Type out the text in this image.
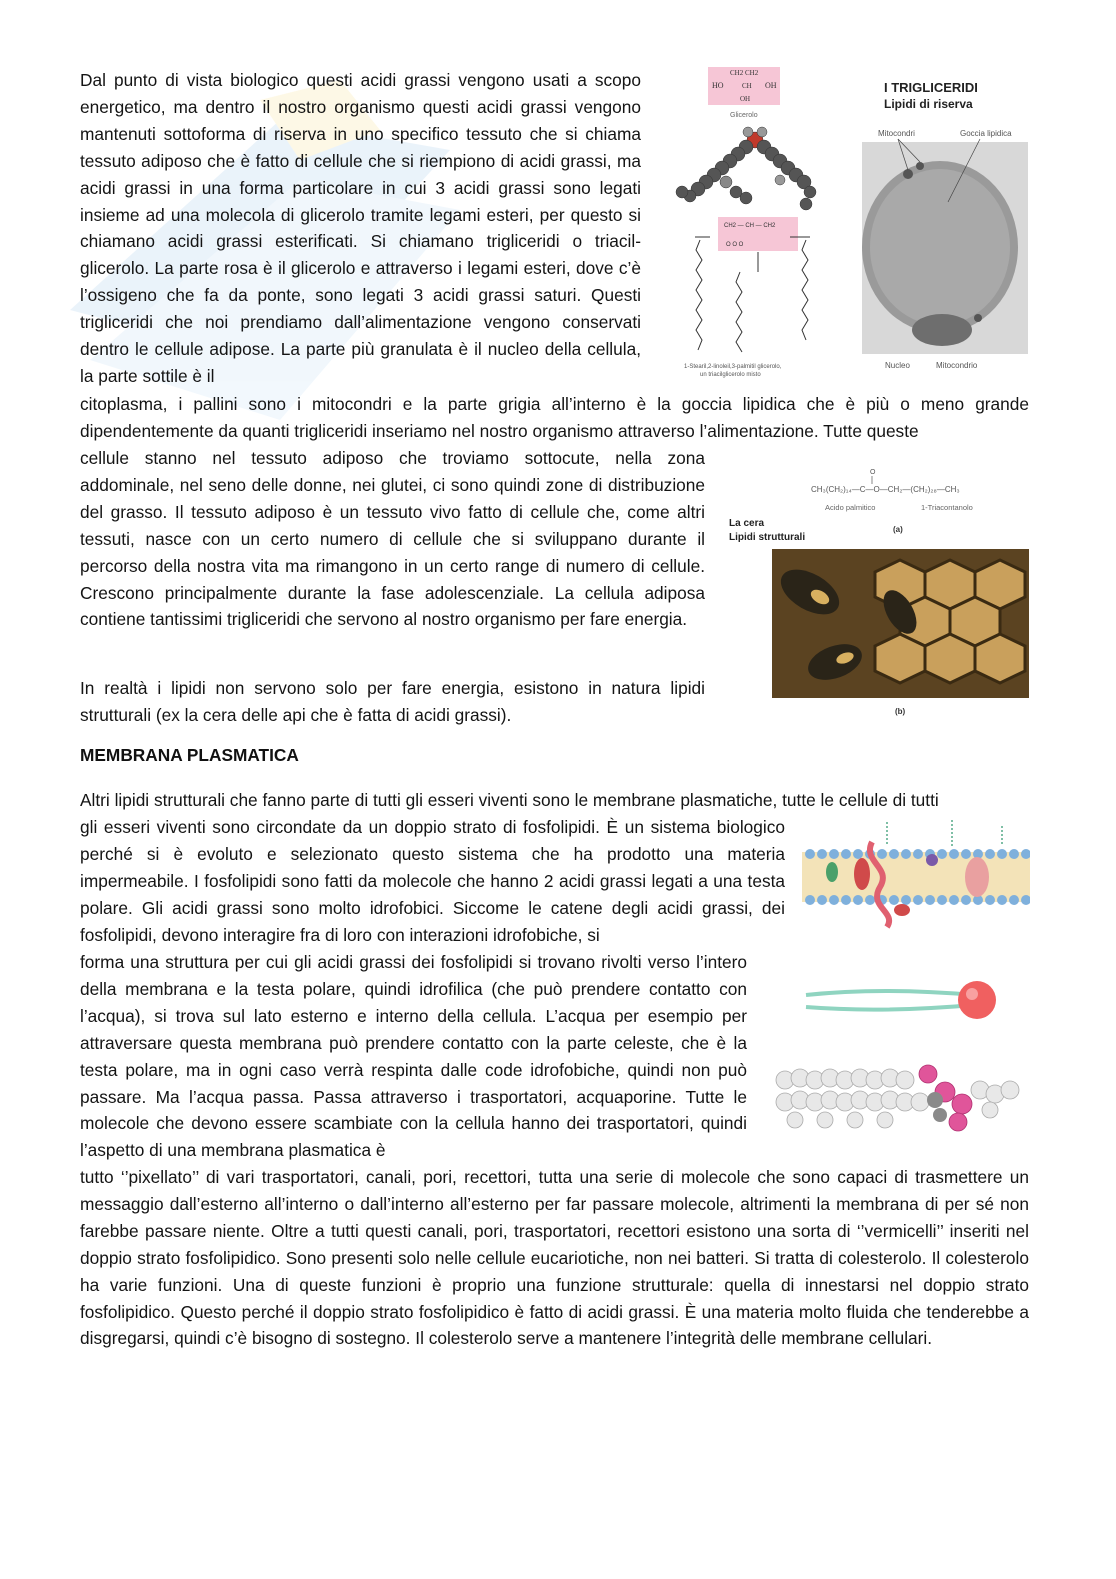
Dal punto di vista biologico questi acidi grassi vengono usati a scopo energetico, ma dentro il nostro organismo questi acidi grassi vengono mantenuti sottoforma di riserva in uno specifico tessuto che si chiama tessuto adiposo che è fatto di cellule che si riempiono di acidi grassi, ma acidi grassi in una forma particolare in cui 3 acidi grassi sono legati insieme ad una molecola di glicerolo tramite legami esteri, per questo si chiamano acidi grassi esterificati. Si chiamano trigliceridi o triacil-glicerolo. La parte rosa è il glicerolo e attraverso i legami esteri, dove c’è l’ossigeno che fa da ponte, sono legati 3 acidi grassi saturi. Questi trigliceridi che noi prendiamo dall’alimentazione vengono conservati dentro le cellule adipose. La parte più granulata è il nucleo della cellula, la parte sottile è il

HO
CH2 CH2
CH OH
OH
Glicerolo
CH2 — CH — CH2
O O O
1-Stearil,2-linoleil,3-palmitil glicerolo,
un triacilglicerolo misto
I TRIGLICERIDI
Lipidi di riserva
Mitocondri	Goccia lipidica
Nucleo	Mitocondrio

citoplasma, i pallini sono i mitocondri e la parte grigia all’interno è la goccia lipidica che è più o meno grande dipendentemente da quanti trigliceridi inseriamo nel nostro organismo attraverso l’alimentazione. Tutte queste

cellule stanno nel tessuto adiposo che troviamo sottocute, nella zona addominale, nel seno delle donne, nei glutei, ci sono quindi zone di distribuzione del grasso. Il tessuto adiposo è un tessuto vivo fatto di cellule che, come altri tessuti, nasce con un certo numero di cellule che si sviluppano durante il percorso della nostra vita ma rimangono in un certo range di numero di cellule. Crescono principalmente durante la fase adolescenziale. La cellula adiposa contiene tantissimi trigliceridi che servono al nostro organismo per fare energia.

In realtà i lipidi non servono solo per fare energia, esistono in natura lipidi strutturali (ex la cera delle api che è fatta di acidi grassi).

O
CH₃(CH₂)₁₄—C—O—CH₂—(CH₂)₂₈—CH₃
Acido palmitico	1-Triacontanolo
(a)
La cera
Lipidi strutturali
(b)
MEMBRANA PLASMATICA

Altri lipidi strutturali che fanno parte di tutti gli esseri viventi sono le membrane plasmatiche, tutte le cellule di tutti

gli esseri viventi sono circondate da un doppio strato di fosfolipidi. È un sistema biologico perché si è evoluto e selezionato questo sistema che ha prodotto una materia impermeabile. I fosfolipidi sono fatti da molecole che hanno 2 acidi grassi legati a una testa polare. Gli acidi grassi sono molto idrofobici. Siccome le catene degli acidi grassi, dei fosfolipidi, devono interagire fra di loro con interazioni idrofobiche, si

forma una struttura per cui gli acidi grassi dei fosfolipidi si trovano rivolti verso l’intero della membrana e la testa polare, quindi idrofilica (che può prendere contatto con l’acqua), si trova sul lato esterno e interno della cellula. L’acqua per esempio per attraversare questa membrana può prendere contatto con la parte celeste, che è la testa polare, ma in ogni caso verrà respinta dalle code idrofobiche, quindi non può passare. Ma l’acqua passa. Passa attraverso i trasportatori, acquaporine. Tutte le molecole che devono essere scambiate con la cellula hanno dei trasportatori, quindi l’aspetto di una membrana plasmatica è

tutto ‘’pixellato’’ di vari trasportatori, canali, pori, recettori, tutta una serie di molecole che sono capaci di trasmettere un messaggio dall’esterno all’interno o dall’interno all’esterno per far passare molecole, altrimenti la membrana di per sé non farebbe passare niente. Oltre a tutti questi canali, pori, trasportatori, recettori esistono una sorta di ‘’vermicelli’’ inseriti nel doppio strato fosfolipidico. Sono presenti solo nelle cellule eucariotiche, non nei batteri. Si tratta di colesterolo. Il colesterolo ha varie funzioni. Una di queste funzioni è proprio una funzione strutturale: quella di innestarsi nel doppio strato fosfolipidico. Questo perché il doppio strato fosfolipidico è fatto di acidi grassi. È una materia molto fluida che tenderebbe a disgregarsi, quindi c’è bisogno di sostegno. Il colesterolo serve a mantenere l’integrità delle membrane cellulari.
